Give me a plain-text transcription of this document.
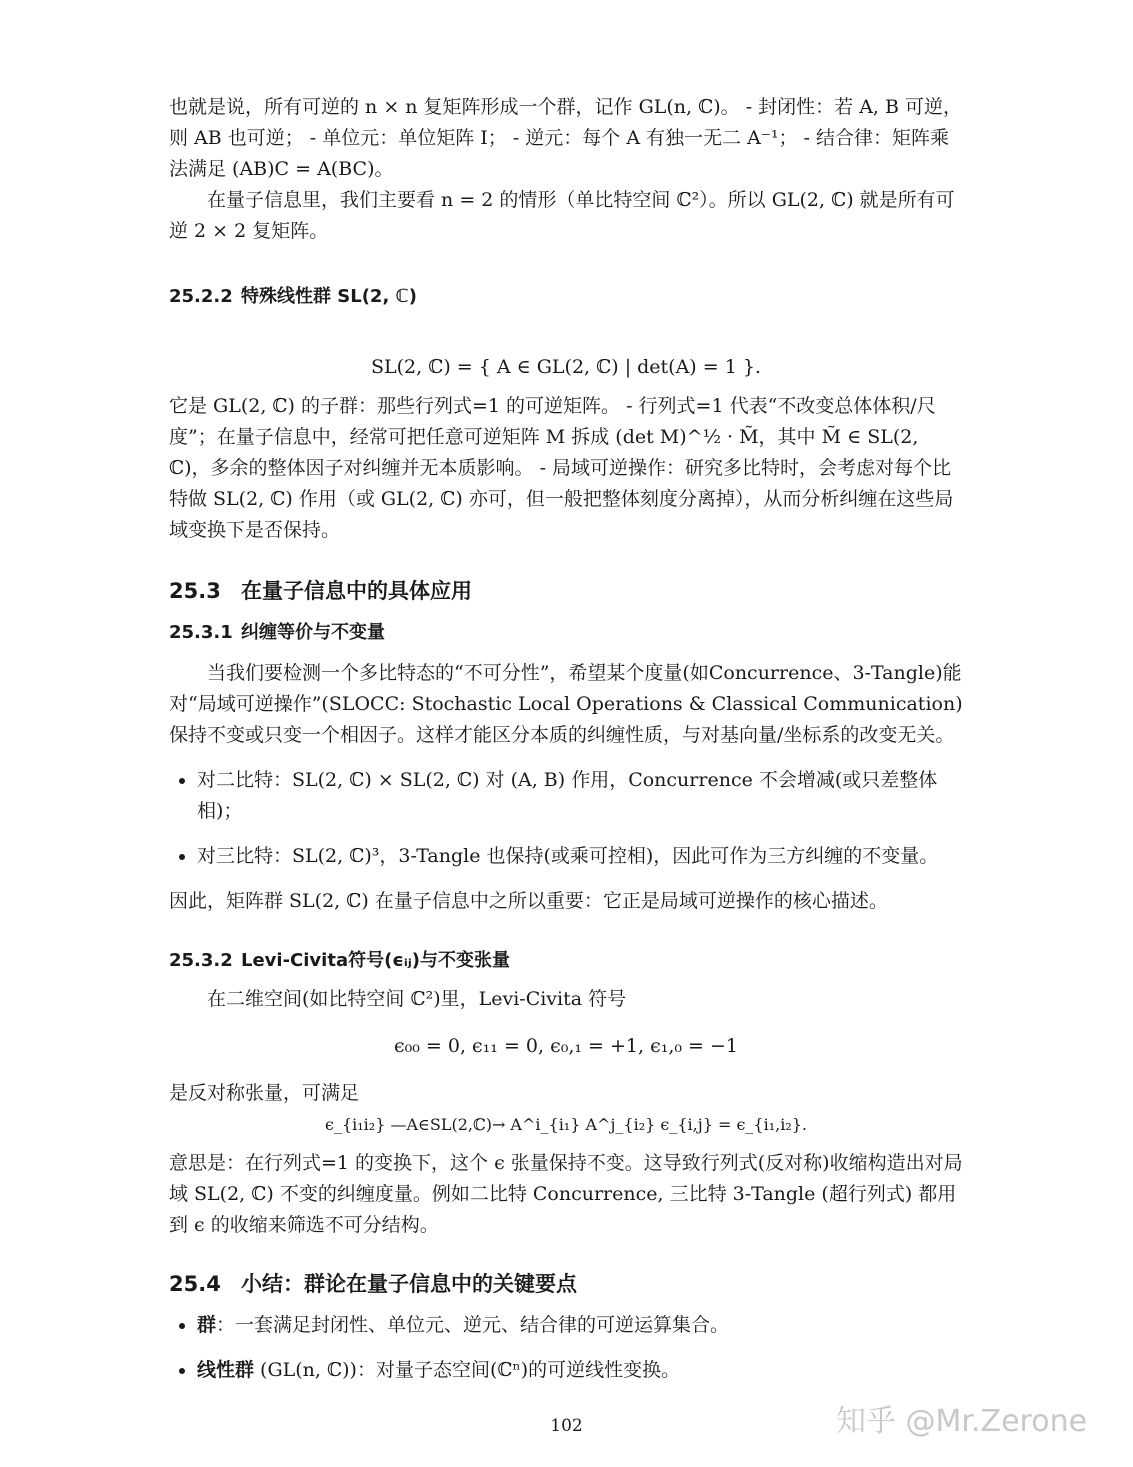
也就是说，所有可逆的 n × n 复矩阵形成一个群，记作 GL(n, ℂ)。 - 封闭性：若 A, B 可逆，则 AB 也可逆； - 单位元：单位矩阵 I； - 逆元：每个 A 有独一无二 A⁻¹； - 结合律：矩阵乘法满足 (AB)C = A(BC)。

在量子信息里，我们主要看 n = 2 的情形（单比特空间 ℂ²）。所以 GL(2, ℂ) 就是所有可逆 2 × 2 复矩阵。

25.2.2 特殊线性群 SL(2, ℂ)

SL(2, ℂ) = { A ∈ GL(2, ℂ) | det(A) = 1 }.

它是 GL(2, ℂ) 的子群：那些行列式=1 的可逆矩阵。 - 行列式=1 代表“不改变总体体积/尺度”；在量子信息中，经常可把任意可逆矩阵 M 拆成 (det M)^½ · M̃，其中 M̃ ∈ SL(2, ℂ)，多余的整体因子对纠缠并无本质影响。 - 局域可逆操作：研究多比特时，会考虑对每个比特做 SL(2, ℂ) 作用（或 GL(2, ℂ) 亦可，但一般把整体刻度分离掉），从而分析纠缠在这些局域变换下是否保持。

25.3 在量子信息中的具体应用

25.3.1 纠缠等价与不变量

当我们要检测一个多比特态的“不可分性”，希望某个度量(如Concurrence、3-Tangle)能对“局域可逆操作”(SLOCC: Stochastic Local Operations & Classical Communication)保持不变或只变一个相因子。这样才能区分本质的纠缠性质，与对基向量/坐标系的改变无关。

• 对二比特：SL(2, ℂ) × SL(2, ℂ) 对 (A, B) 作用，Concurrence 不会增减(或只差整体相)；
• 对三比特：SL(2, ℂ)³，3-Tangle 也保持(或乘可控相)，因此可作为三方纠缠的不变量。

因此，矩阵群 SL(2, ℂ) 在量子信息中之所以重要：它正是局域可逆操作的核心描述。

25.3.2 Levi-Civita符号(ϵᵢⱼ)与不变张量

在二维空间(如比特空间 ℂ²)里，Levi-Civita 符号

ϵ₀₀ = 0, ϵ₁₁ = 0, ϵ₀,₁ = +1, ϵ₁,₀ = −1

是反对称张量，可满足

ϵ_{i₁i₂} —A∈SL(2,ℂ)→ A^i_{i₁} A^j_{i₂} ϵ_{i,j} = ϵ_{i₁,i₂}.

意思是：在行列式=1 的变换下，这个 ϵ 张量保持不变。这导致行列式(反对称)收缩构造出对局域 SL(2, ℂ) 不变的纠缠度量。例如二比特 Concurrence, 三比特 3-Tangle (超行列式) 都用到 ϵ 的收缩来筛选不可分结构。

25.4 小结：群论在量子信息中的关键要点

• 群：一套满足封闭性、单位元、逆元、结合律的可逆运算集合。
• 线性群 (GL(n, ℂ))：对量子态空间(ℂⁿ)的可逆线性变换。
102	知乎 @Mr.Zerone
